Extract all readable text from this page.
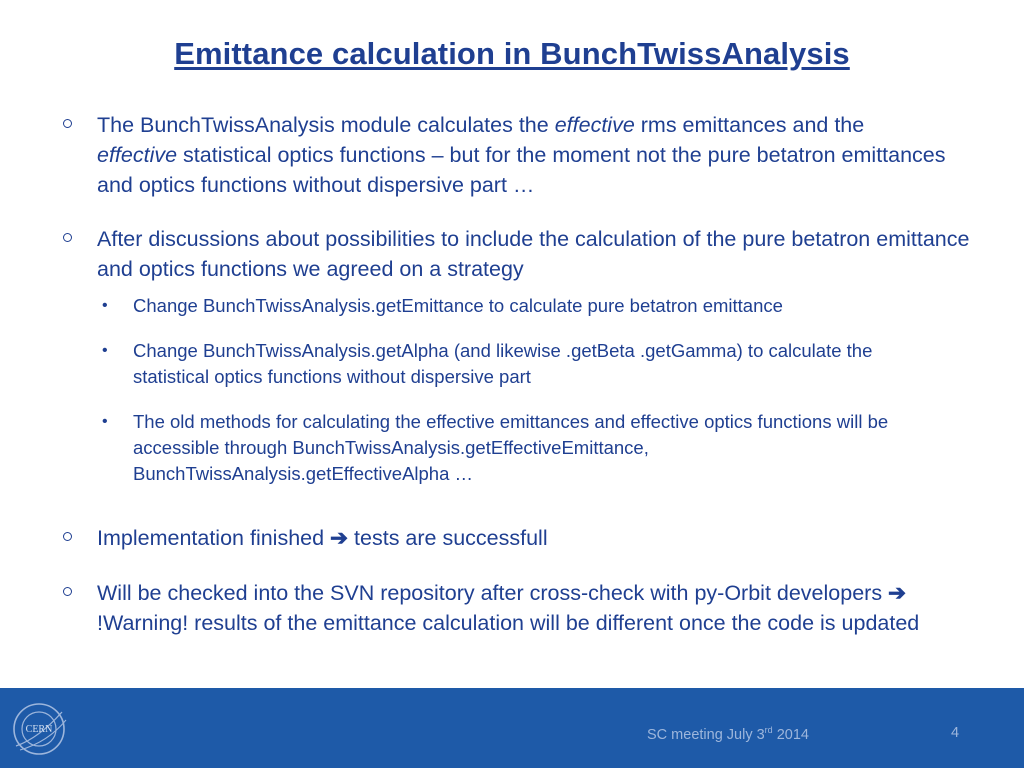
Emittance calculation in BunchTwissAnalysis
The BunchTwissAnalysis module calculates the effective rms emittances and the
effective statistical optics functions – but for the moment not the pure betatron emittances and optics functions without dispersive part …
After discussions about possibilities to include the calculation of the pure betatron emittance and optics functions we agreed on a strategy
• Change BunchTwissAnalysis.getEmittance to calculate pure betatron emittance
• Change BunchTwissAnalysis.getAlpha (and likewise .getBeta .getGamma) to calculate the statistical optics functions without dispersive part
• The old methods for calculating the effective emittances and effective optics functions will be accessible through BunchTwissAnalysis.getEffectiveEmittance, BunchTwissAnalysis.getEffectiveAlpha …
Implementation finished ➔ tests are successfull
Will be checked into the SVN repository after cross-check with py-Orbit developers ➔ !Warning! results of the emittance calculation will be different once the code is updated
CERN	SC meeting July 3rd 2014	4
